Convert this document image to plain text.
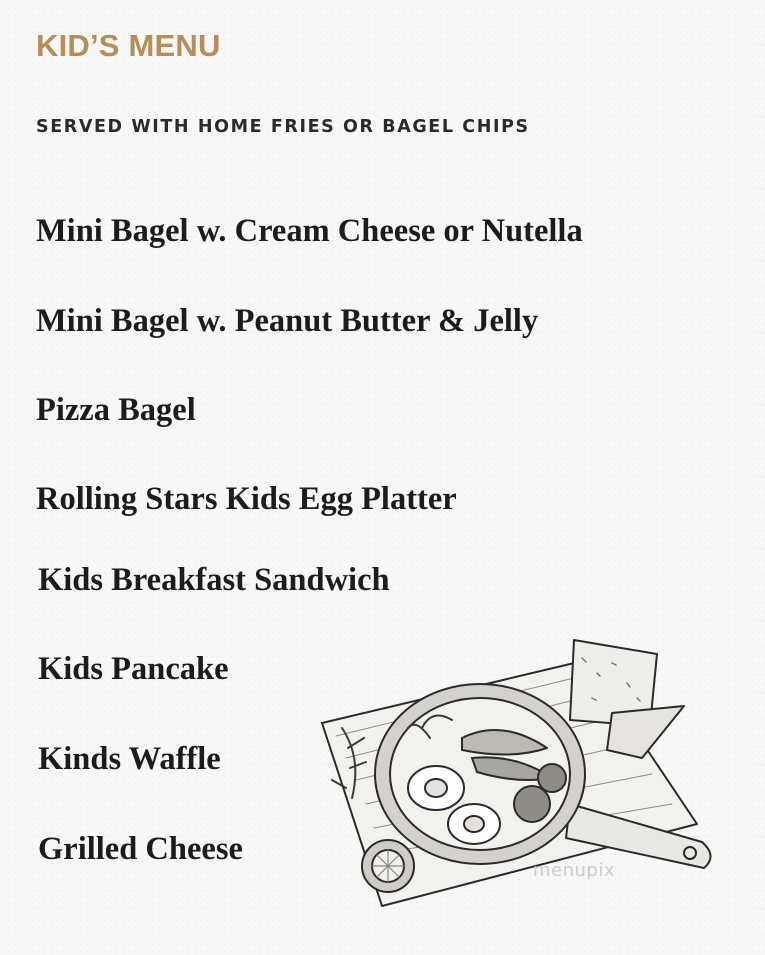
KID’S MENU
SERVED WITH HOME FRIES OR BAGEL CHIPS
Mini Bagel w. Cream Cheese or Nutella
Mini Bagel w. Peanut Butter & Jelly
Pizza Bagel
Rolling Stars Kids Egg Platter
Kids Breakfast Sandwich
Kids Pancake
Kinds Waffle
Grilled Cheese
menupix
